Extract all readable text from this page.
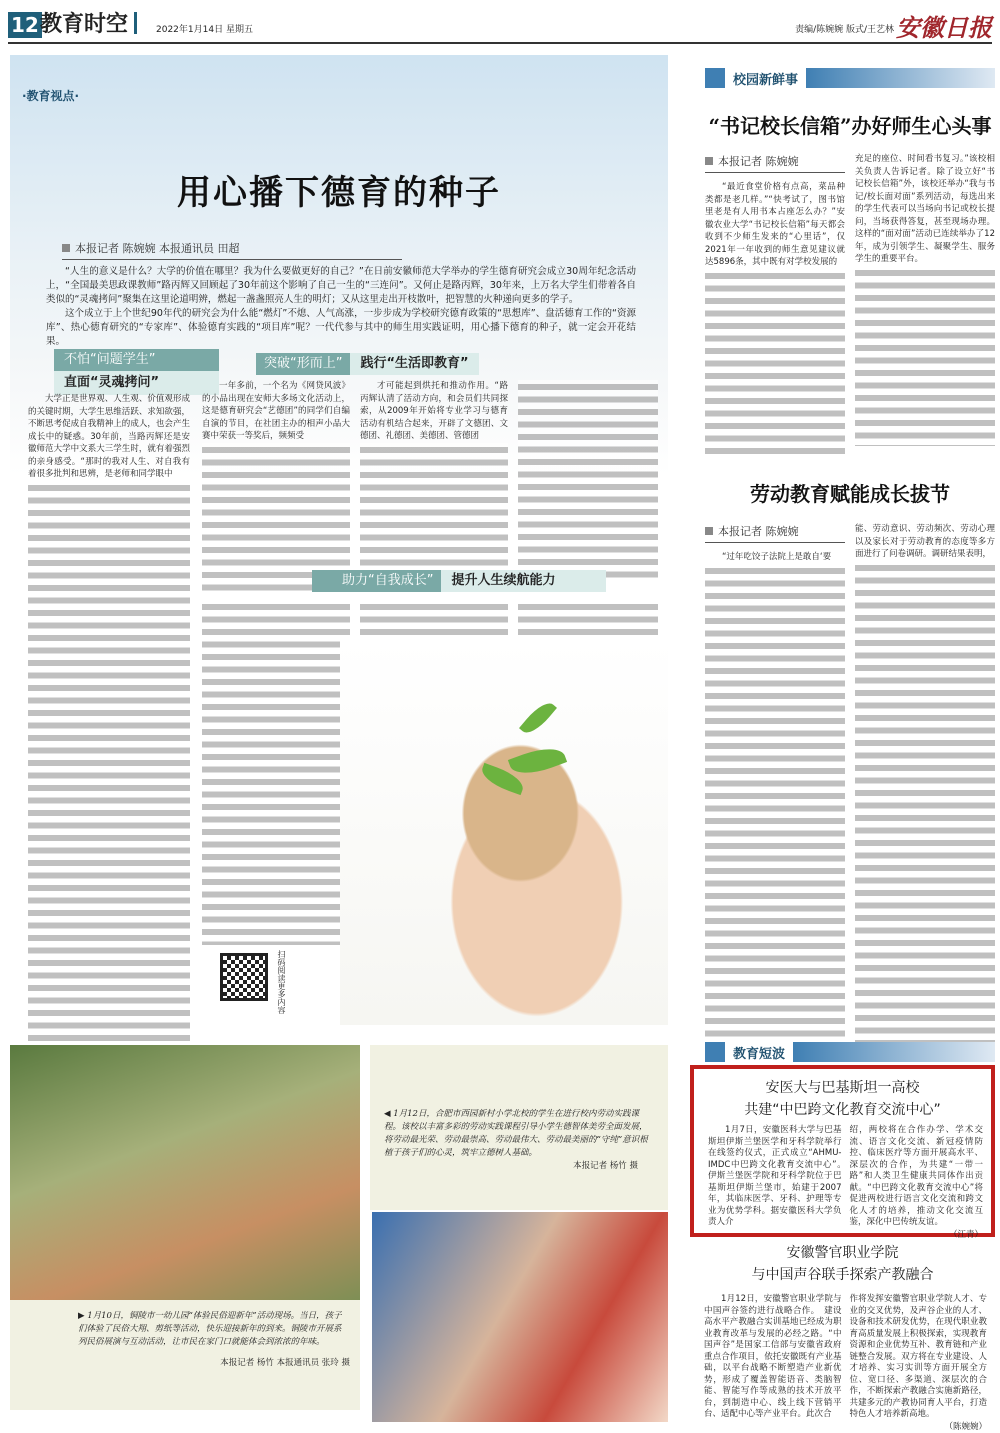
12 教育时空	2022年1月14日 星期五	责编/陈婉婉 版式/王艺林 安徽日报
·教育视点·
用心播下德育的种子
本报记者 陈婉婉 本报通讯员 田超

“人生的意义是什么？大学的价值在哪里？我为什么要做更好的自己？”在日前安徽师范大学举办的学生德育研究会成立30周年纪念活动上，“全国最美思政课教师”路丙辉又回顾起了30年前这个影响了自己一生的“三连问”。又何止是路丙辉，30年来，上万名大学生们带着各自类似的“灵魂拷问”聚集在这里论道明辨，燃起一盏盏照亮人生的明灯；又从这里走出开枝散叶，把智慧的火种递向更多的学子。

这个成立于上个世纪90年代的研究会为什么能“燃灯”不熄、人气高涨，一步步成为学校研究德育政策的“思想库”、盘活德育工作的“资源库”、热心德育研究的“专家库”、体验德育实践的“项目库”呢？一代代参与其中的师生用实践证明，用心播下德育的种子，就一定会开花结果。

不怕“问题学生”
直面“灵魂拷问”
突破“形而上”	践行“生活即教育”

大学正是世界观、人生观、价值观形成的关键时期，大学生思维活跃、求知欲强，不断思考促成自我精神上的成人，也会产生成长中的疑惑。30年前，当路丙辉还是安徽师范大学中文系大三学生时，就有着强烈的亲身感受。“那时的我对人生、对自我有着很多批判和思辨，是老师和同学眼中

一年多前，一个名为《网贷风波》的小品出现在安师大多场文化活动上，这是德育研究会“艺德团”的同学们自编自演的节目，在社团主办的相声小品大赛中荣获一等奖后，频频受

才可能起到烘托和推动作用。“路丙辉认清了活动方向，和会员们共同探索，从2009年开始将专业学习与德育活动有机结合起来，开辟了文德团、文德团、礼德团、美德团、管德团

助力“自我成长”	提升人生续航能力
扫码阅读更多内容
校园新鲜事
“书记校长信箱”办好师生心头事
本报记者 陈婉婉

“最近食堂价格有点高，菜品种类都是老几样。”“快考试了，图书馆里老是有人用书本占座怎么办？”安徽农业大学“书记校长信箱”每天都会收到不少师生发来的“心里话”，仅2021年一年收到的师生意见建议就达5896条，其中既有对学校发展的

充足的座位、时间看书复习。”该校相关负责人告诉记者。除了设立好“书记校长信箱”外，该校还举办“我与书记/校长面对面”系列活动，每选出来的学生代表可以当场向书记或校长提问，当场获得答复，甚至现场办理。这样的“面对面”活动已连续举办了12年，成为引领学生、凝聚学生、服务学生的重要平台。

劳动教育赋能成长拔节
本报记者 陈婉婉

“过年吃饺子法院上是敢自‘要

能、劳动意识、劳动频次、劳动心理以及家长对于劳动教育的态度等多方面进行了问卷调研。调研结果表明，

◀ 1月12日，合肥市西园新村小学北校的学生在进行校内劳动实践课程。该校以丰富多彩的劳动实践课程引导小学生德智体美劳全面发展，将劳动最光荣、劳动最崇高、劳动最伟大、劳动最美丽的“守纯”意识根植于孩子们的心灵，筑牢立德树人基础。

本报记者 杨竹 摄

▶ 1月10日，铜陵市一幼儿园“体验民俗迎新年”活动现场。当日，孩子们体验了民俗大翔、剪纸等活动，快乐迎接新年的到来。铜陵市开展系列民俗展演与互动活动，让市民在家门口就能体会到浓浓的年味。

本报记者 杨竹 本报通讯员 张玲 摄

教育短波
安医大与巴基斯坦一高校
共建“中巴跨文化教育交流中心”

1月7日，安徽医科大学与巴基斯坦伊斯兰堡医学和牙科学院举行在线签约仪式，正式成立“AHMU-IMDC中巴跨文化教育交流中心”。　伊斯兰堡医学院和牙科学院位于巴基斯坦伊斯兰堡市，始建于2007年，其临床医学、牙科、护理等专业为优势学科。据安徽医科大学负责人介

绍，两校将在合作办学、学术交流、语言文化交流、新冠疫情防控、临床医疗等方面开展高水平、深层次的合作，为共建“一带一路”和人类卫生健康共同体作出贡献。“中巴跨文化教育交流中心”将促进两校进行语言文化交流和跨文化人才的培养，推动文化交流互鉴，深化中巴传统友谊。

（江青）

安徽警官职业学院
与中国声谷联手探索产教融合

1月12日，安徽警官职业学院与中国声谷签约进行战略合作。　建设高水平产教融合实训基地已经成为职业教育改革与发展的必经之路。“中国声谷”是国家工信部与安徽省政府重点合作项目，依托安徽既有产业基础，以平台战略不断塑造产业新优势，形成了覆盖智能语音、类脑智能、智能写作等成熟的技术开放平台，到制造中心、线上线下营销平台、适配中心等产业平台。此次合

作将发挥安徽警官职业学院人才、专业的交叉优势，及声谷企业的人才、设备和技术研发优势，在现代职业教育高质量发展上积极探索，实现教育资源和企业优势互补、教育链和产业链整合发展。双方将在专业建设、人才培养、实习实训等方面开展全方位、宽口径、多渠道、深层次的合作，不断探索产教融合实施新路径，共建多元的产教协同育人平台，打造特色人才培养新高地。

（陈婉婉）
